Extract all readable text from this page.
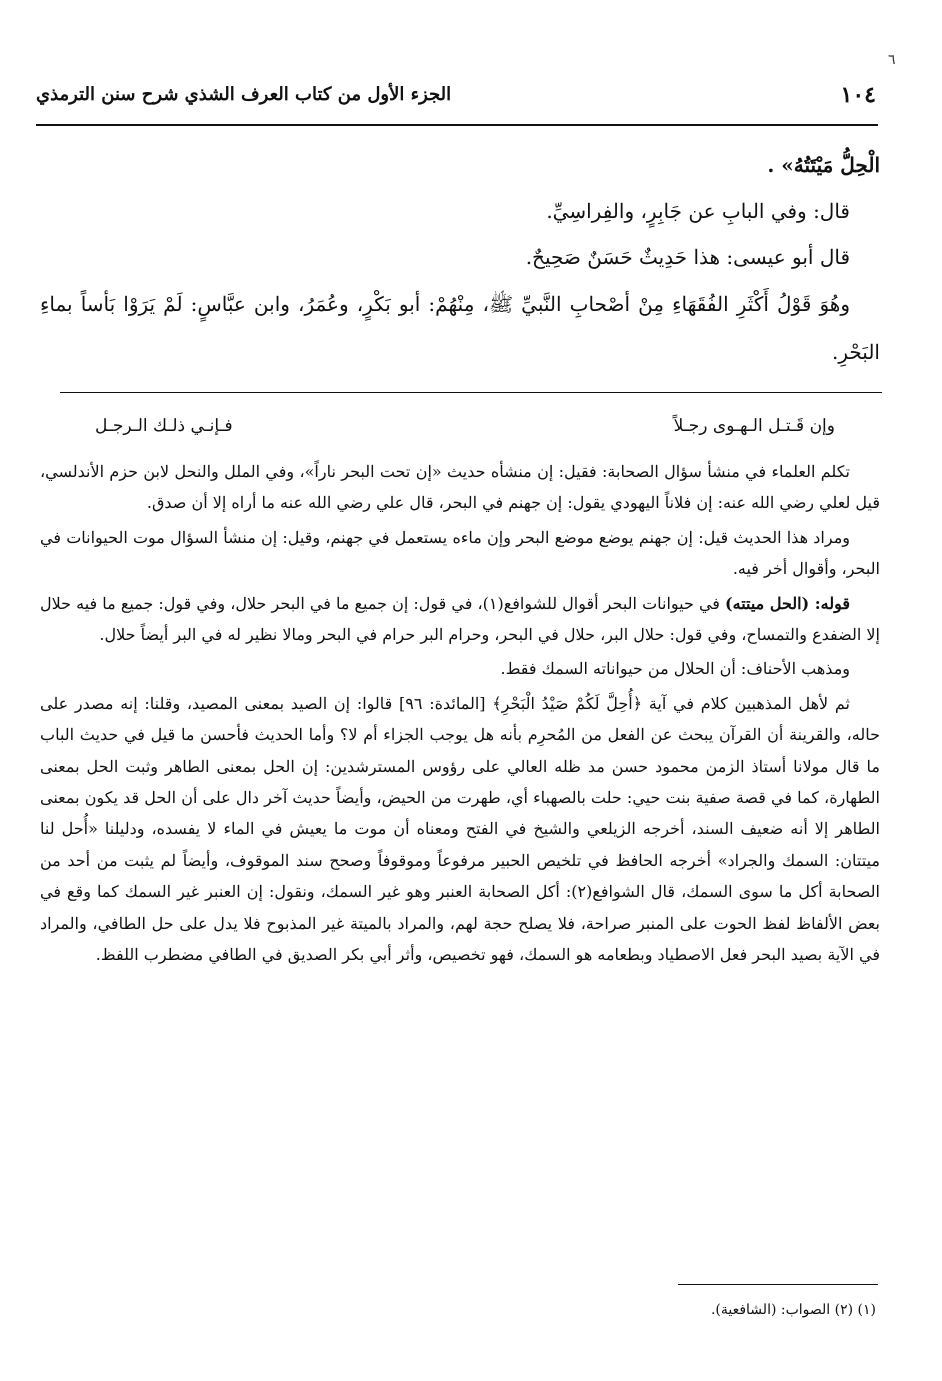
٦
١٠٤
الجزء الأول من كتاب العرف الشذي شرح سنن الترمذي
الْحِلُّ مَيْتَتُهُ» .
قال: وفي البابِ عن جَابِرٍ، والفِراسِيِّ.
قال أبو عيسى: هذا حَدِيثٌ حَسَنٌ صَحِيحٌ.
وهُوَ قَوْلُ أَكْثَرِ الفُقَهَاءِ مِنْ أصْحابِ النَّبيِّ ﷺ، مِنْهُمْ: أبو بَكْرٍ، وعُمَرُ، وابن عبَّاسٍ: لَمْ يَرَوْا بَأساً بماءِ البَحْرِ.
وإن قَـتـل الـهـوى رجـلاً
فـإنـي ذلـك الـرجـل

تكلم العلماء في منشأ سؤال الصحابة: فقيل: إن منشأه حديث «إن تحت البحر ناراً»، وفي الملل والنحل لابن حزم الأندلسي، قيل لعلي رضي الله عنه: إن فلاناً اليهودي يقول: إن جهنم في البحر، قال علي رضي الله عنه ما أراه إلا أن صدق.

ومراد هذا الحديث قيل: إن جهنم يوضع موضع البحر وإن ماءه يستعمل في جهنم، وقيل: إن منشأ السؤال موت الحيوانات في البحر، وأقوال أخر فيه.

قوله: (الحل ميتته) في حيوانات البحر أقوال للشوافع(١)، في قول: إن جميع ما في البحر حلال، وفي قول: جميع ما فيه حلال إلا الضفدع والتمساح، وفي قول: حلال البر، حلال في البحر، وحرام البر حرام في البحر ومالا نظير له في البر أيضاً حلال.

ومذهب الأحناف: أن الحلال من حيواناته السمك فقط.

ثم لأهل المذهبين كلام في آية ﴿أُحِلَّ لَكُمْ صَيْدُ الْبَحْرِ﴾ [المائدة: ٩٦] قالوا: إن الصيد بمعنى المصيد، وقلنا: إنه مصدر على حاله، والقرينة أن القرآن يبحث عن الفعل من المُحرِم بأنه هل يوجب الجزاء أم لا؟ وأما الحديث فأحسن ما قيل في حديث الباب ما قال مولانا أستاذ الزمن محمود حسن مد ظله العالي على رؤوس المسترشدين: إن الحل بمعنى الطاهر وثبت الحل بمعنى الطهارة، كما في قصة صفية بنت حيي: حلت بالصهباء أي، طهرت من الحيض، وأيضاً حديث آخر دال على أن الحل قد يكون بمعنى الطاهر إلا أنه ضعيف السند، أخرجه الزيلعي والشيخ في الفتح ومعناه أن موت ما يعيش في الماء لا يفسده، ودليلنا «أُحل لنا ميتتان: السمك والجراد» أخرجه الحافظ في تلخيص الحبير مرفوعاً وموقوفاً وصحح سند الموقوف، وأيضاً لم يثبت من أحد من الصحابة أكل ما سوى السمك، قال الشوافع(٢): أكل الصحابة العنبر وهو غير السمك، ونقول: إن العنبر غير السمك كما وقع في بعض الألفاظ لفظ الحوت على المنبر صراحة، فلا يصلح حجة لهم، والمراد بالميتة غير المذبوح فلا يدل على حل الطافي، والمراد في الآية بصيد البحر فعل الاصطياد وبطعامه هو السمك، فهو تخصيص، وأثر أبي بكر الصديق في الطافي مضطرب اللفظ.

(١) (٢) الصواب: (الشافعية).
